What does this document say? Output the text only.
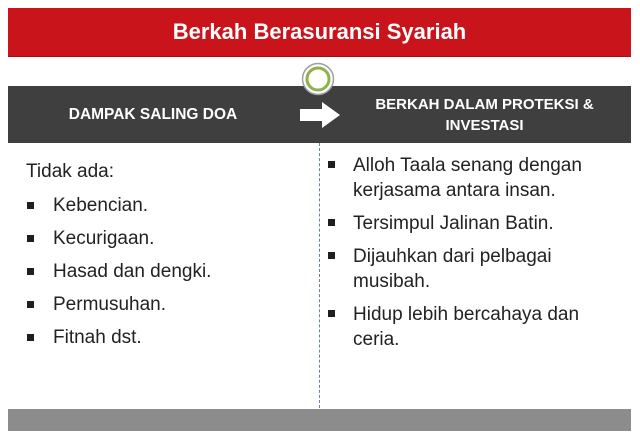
Berkah Berasuransi Syariah
DAMPAK SALING DOA
BERKAH DALAM PROTEKSI &
INVESTASI

Tidak ada:

Kebencian.
Kecurigaan.
Hasad dan dengki.
Permusuhan.
Fitnah dst.
Alloh Taala senang dengan kerjasama antara insan.
Tersimpul Jalinan Batin.
Dijauhkan dari pelbagai musibah.
Hidup lebih bercahaya dan ceria.
